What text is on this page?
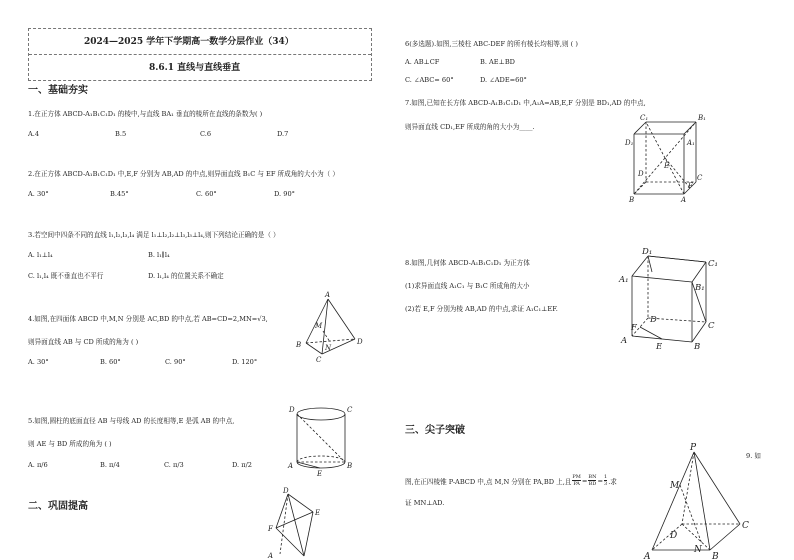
2024—2025 学年下学期高一数学分层作业（34）
8.6.1 直线与直线垂直
一、基础夯实
1.在正方体 ABCD-A₁B₁C₁D₁ 的棱中,与直线 BA₁ 垂直的棱所在直线的条数为( )
A.4	B.5	C.6	D.7
2.在正方体 ABCD-A₁B₁C₁D₁ 中,E,F 分别为 AB,AD 的中点,则异面直线 B₁C 与 EF 所成角的大小为（ ）
A. 30°	B.45°	C. 60°	D. 90°
3.若空间中四条不同的直线 l₁,l₂,l₃,l₄ 满足 l₁⊥l₂,l₂⊥l₃,l₃⊥l₄,则下列结论正确的是（ ）
A. l₁⊥l₄	B. l₁∥l₄
C. l₁,l₄ 既不垂直也不平行	D. l₁,l₄ 的位置关系不确定
4.如图,在四面体 ABCD 中,M,N 分别是 AC,BD 的中点,若 AB=CD=2,MN=√3,
则异面直线 AB 与 CD 所成的角为 ( )
A. 30°	B. 60°	C. 90°	D. 120°
A
M
B	N
D
C
5.如图,圆柱的底面直径 AB 与母线 AD 的长度相等,E 是弧 AB 的中点,
则 AE 与 BD 所成的角为 ( )
A. π/6	B. π/4	C. π/3	D. π/2
D	C
A	B
E
二、巩固提高
D
F
E
A
6(多选题).如图,三棱柱 ABC-DEF 的所有棱长均相等,则 ( )
A. AB⊥CF	B. AE⊥BD
C. ∠ABC= 60°	D. ∠ADE=60°
7.如图,已知在长方体 ABCD-A₁B₁C₁D₁ 中,A₁A=AB,E,F 分别是 BD₁,AD 的中点,
则异面直线 CD₁,EF 所成的角的大小为____.
C₁	B₁
D₁	A₁
E
D	C
F
B	A
8.如图,几何体 ABCD-A₁B₁C₁D₁ 为正方体
(1)求异面直线 A₁C₁ 与 B₁C 所成角的大小
(2)若 E,F 分别为棱 AB,AD 的中点,求证 A₁C₁⊥EF.
D₁
C₁
A₁
B₁
D
F	C
A
E	B
三、尖子突破
9. 如
图,在正四棱锥 P-ABCD 中,点 M,N 分别在 PA,BD 上,且 $\frac{PM}{PA} = \frac{BN}{BD} = \frac{1}{3}$ .求
证 MN⊥AD.
P
M
D
C
A
N
B
